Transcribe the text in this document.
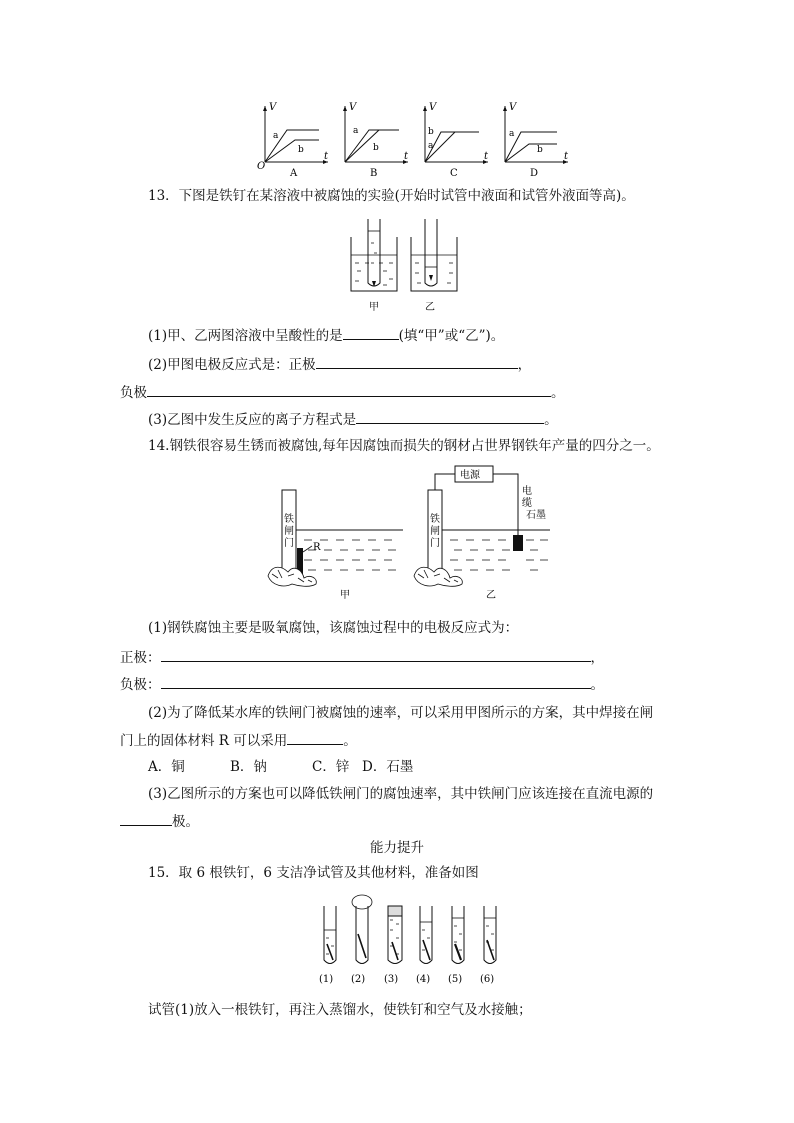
O
V
t
a
b
A
V
t
a
b
B
V
t
b
a
C
V
t
a
b
D
13．下图是铁钉在某溶液中被腐蚀的实验(开始时试管中液面和试管外液面等高)。
甲	乙
(1)甲、乙两图溶液中呈酸性的是	(填“甲”或“乙”)。
(2)甲图电极反应式是：正极	，
负极	。
(3)乙图中发生反应的离子方程式是	。
14.钢铁很容易生锈而被腐蚀,每年因腐蚀而损失的钢材占世界钢铁年产量的四分之一。
铁闸门 R
甲
铁闸门
电源
电缆
石墨
乙
(1)钢铁腐蚀主要是吸氧腐蚀，该腐蚀过程中的电极反应式为：
正极：	，
负极：	。
(2)为了降低某水库的铁闸门被腐蚀的速率，可以采用甲图所示的方案，其中焊接在闸
门上的固体材料 R 可以采用	。
A．铜	B．钠	C．锌 D．石墨
(3)乙图所示的方案也可以降低铁闸门的腐蚀速率，其中铁闸门应该连接在直流电源的
极。
能力提升
15．取 6 根铁钉，6 支洁净试管及其他材料，准备如图
(1) (2) (3) (4) (5) (6)
试管(1)放入一根铁钉，再注入蒸馏水，使铁钉和空气及水接触；
